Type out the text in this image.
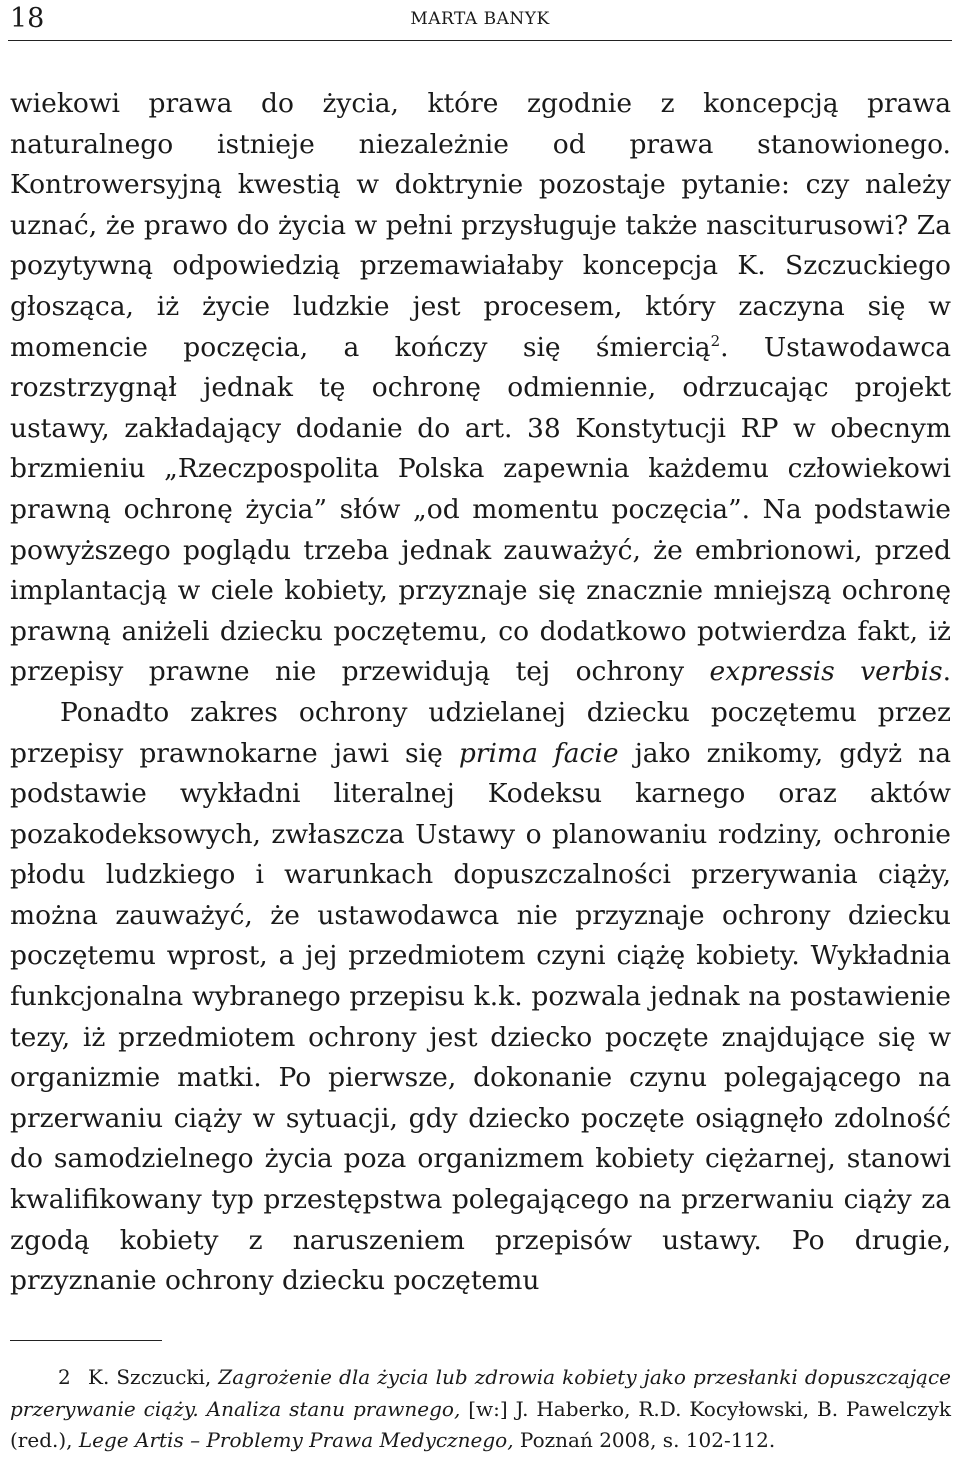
18	MARTA BANYK

wiekowi prawa do życia, które zgodnie z koncepcją prawa naturalnego istnieje niezależnie od prawa stanowionego. Kontrowersyjną kwestią w doktrynie pozostaje pytanie: czy należy uznać, że prawo do życia w pełni przysługuje także nasciturusowi? Za pozytywną odpowiedzią przemawiałaby koncepcja K. Szczuckiego głosząca, iż życie ludzkie jest procesem, który zaczyna się w momencie poczęcia, a kończy się śmiercią$^2$. Ustawodawca rozstrzygnął jednak tę ochronę odmiennie, odrzucając projekt ustawy, zakładający dodanie do art. 38 Konstytucji RP w obecnym brzmieniu „Rzeczpospolita Polska zapewnia każdemu człowiekowi prawną ochronę życia” słów „od momentu poczęcia”. Na podstawie powyższego poglądu trzeba jednak zauważyć, że embrionowi, przed implantacją w ciele kobiety, przyznaje się znacznie mniejszą ochronę prawną aniżeli dziecku poczętemu, co dodatkowo potwierdza fakt, iż przepisy prawne nie przewidują tej ochrony expressis verbis.

Ponadto zakres ochrony udzielanej dziecku poczętemu przez przepisy prawnokarne jawi się prima facie jako znikomy, gdyż na podstawie wykładni literalnej Kodeksu karnego oraz aktów pozakodeksowych, zwłaszcza Ustawy o planowaniu rodziny, ochronie płodu ludzkiego i warunkach dopuszczalności przerywania ciąży, można zauważyć, że ustawodawca nie przyznaje ochrony dziecku poczętemu wprost, a jej przedmiotem czyni ciążę kobiety. Wykładnia funkcjonalna wybranego przepisu k.k. pozwala jednak na postawienie tezy, iż przedmiotem ochrony jest dziecko poczęte znajdujące się w organizmie matki. Po pierwsze, dokonanie czynu polegającego na przerwaniu ciąży w sytuacji, gdy dziecko poczęte osiągnęło zdolność do samodzielnego życia poza organizmem kobiety ciężarnej, stanowi kwalifikowany typ przestępstwa polegającego na przerwaniu ciąży za zgodą kobiety z naruszeniem przepisów ustawy. Po drugie, przyznanie ochrony dziecku poczętemu

2 K. Szczucki, Zagrożenie dla życia lub zdrowia kobiety jako przesłanki dopuszczające przerywanie ciąży. Analiza stanu prawnego, [w:] J. Haberko, R.D. Kocyłowski, B. Pawelczyk (red.), Lege Artis – Problemy Prawa Medycznego, Poznań 2008, s. 102-112.
